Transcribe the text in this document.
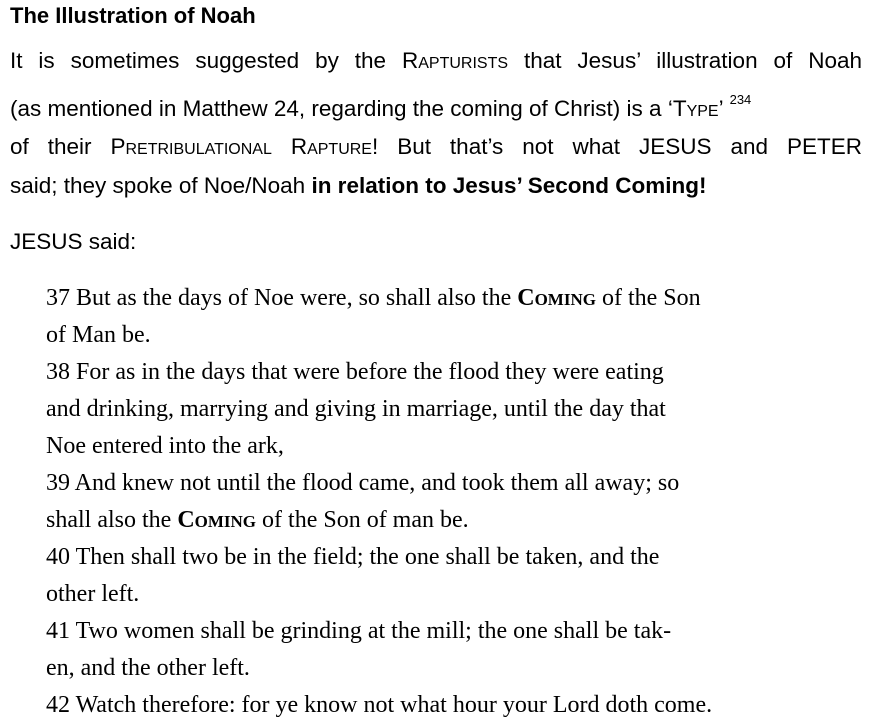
The Illustration of Noah
It is sometimes suggested by the Rapturists that Jesus’ illustration of Noah
(as mentioned in Matthew 24, regarding the coming of Christ) is a ‘Type’ $^{234}$
of their Pretribulational Rapture! But that’s not what JESUS and PETER
said; they spoke of Noe/Noah in relation to Jesus’ Second Coming!
JESUS said:
37 But as the days of Noe were, so shall also the Coming of the Son
of Man be.
38 For as in the days that were before the flood they were eating
and drinking, marrying and giving in marriage, until the day that
Noe entered into the ark,
39 And knew not until the flood came, and took them all away; so
shall also the Coming of the Son of man be.
40 Then shall two be in the field; the one shall be taken, and the
other left.
41 Two women shall be grinding at the mill; the one shall be tak-
en, and the other left.
42 Watch therefore: for ye know not what hour your Lord doth come.
